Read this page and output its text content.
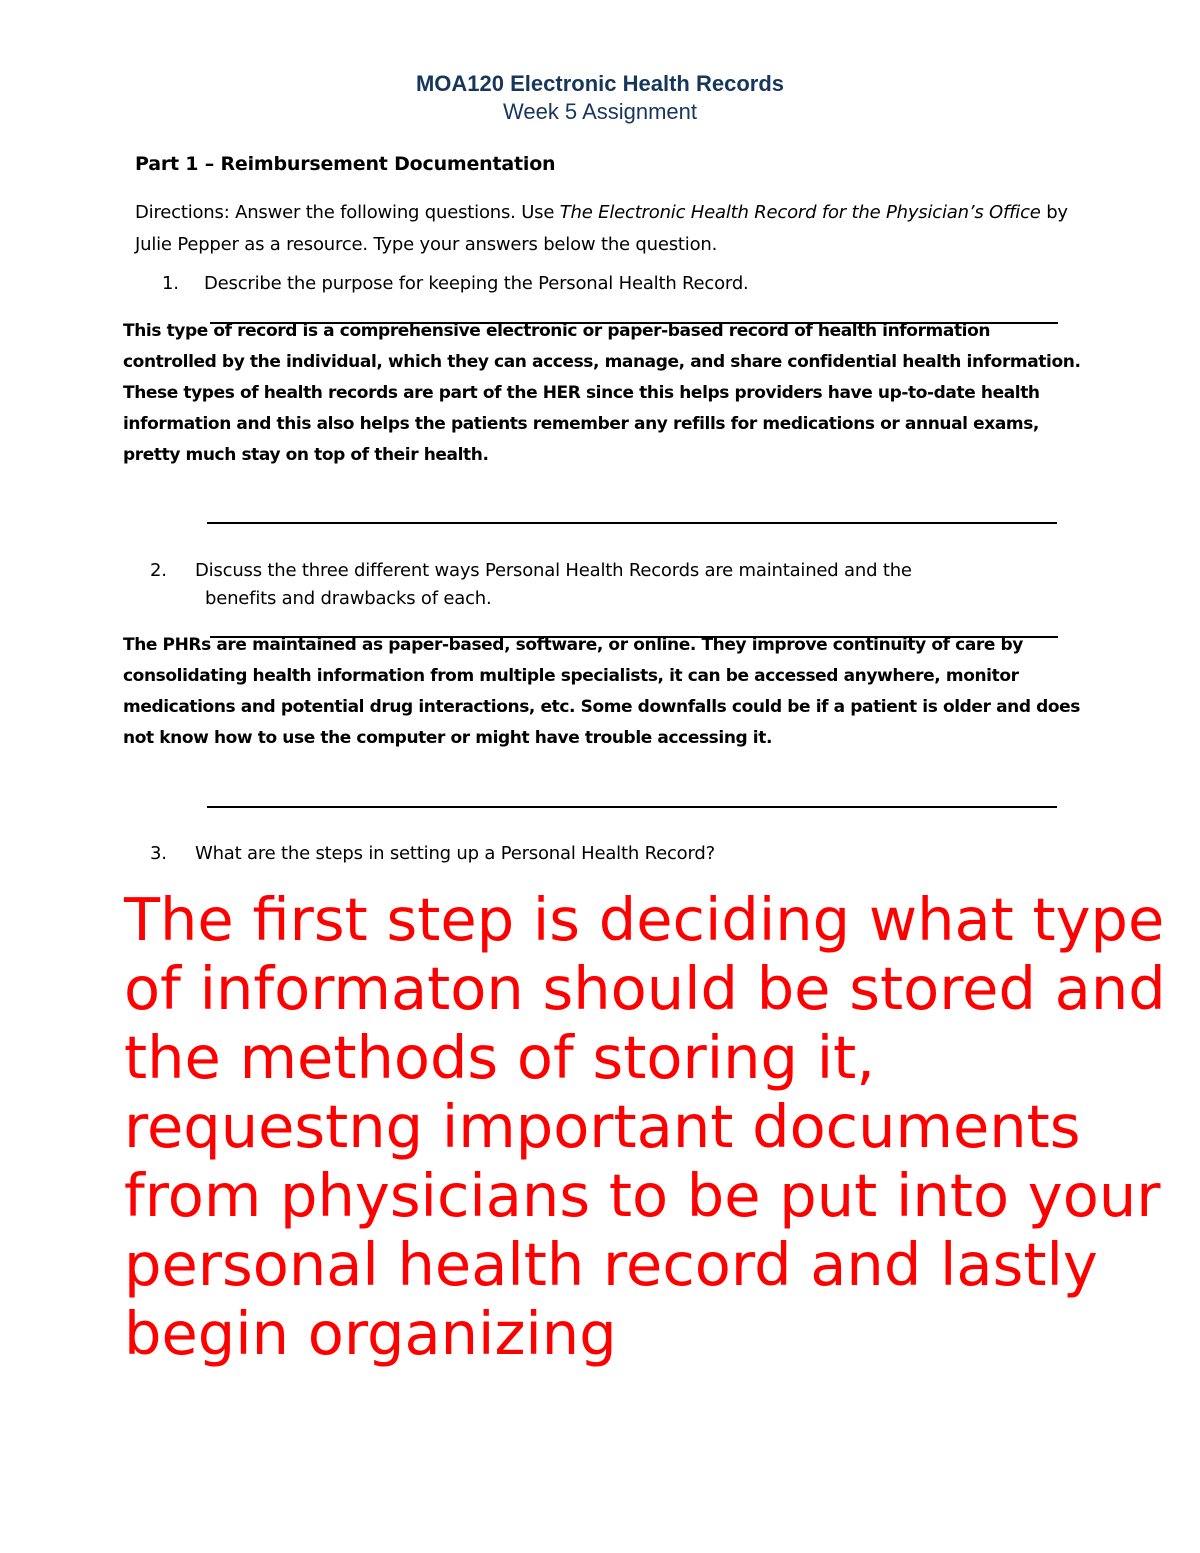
MOA120 Electronic Health Records
Week 5 Assignment
Part 1 – Reimbursement Documentation

Directions: Answer the following questions. Use The Electronic Health Record for the Physician’s Office by Julie Pepper as a resource. Type your answers below the question.

1. Describe the purpose for keeping the Personal Health Record.

This type of record is a comprehensive electronic or paper-based record of health information controlled by the individual, which they can access, manage, and share confidential health information. These types of health records are part of the HER since this helps providers have up-to-date health information and this also helps the patients remember any refills for medications or annual exams, pretty much stay on top of their health.

2. Discuss the three different ways Personal Health Records are maintained and the
benefits and drawbacks of each.

The PHRs are maintained as paper-based, software, or online. They improve continuity of care by consolidating health information from multiple specialists, it can be accessed anywhere, monitor medications and potential drug interactions, etc. Some downfalls could be if a patient is older and does not know how to use the computer or might have trouble accessing it.

3. What are the steps in setting up a Personal Health Record?

The first step is deciding what type of informaton should be stored and the methods of storing it, requestng important documents from physicians to be put into your personal health record and lastly begin organizing
